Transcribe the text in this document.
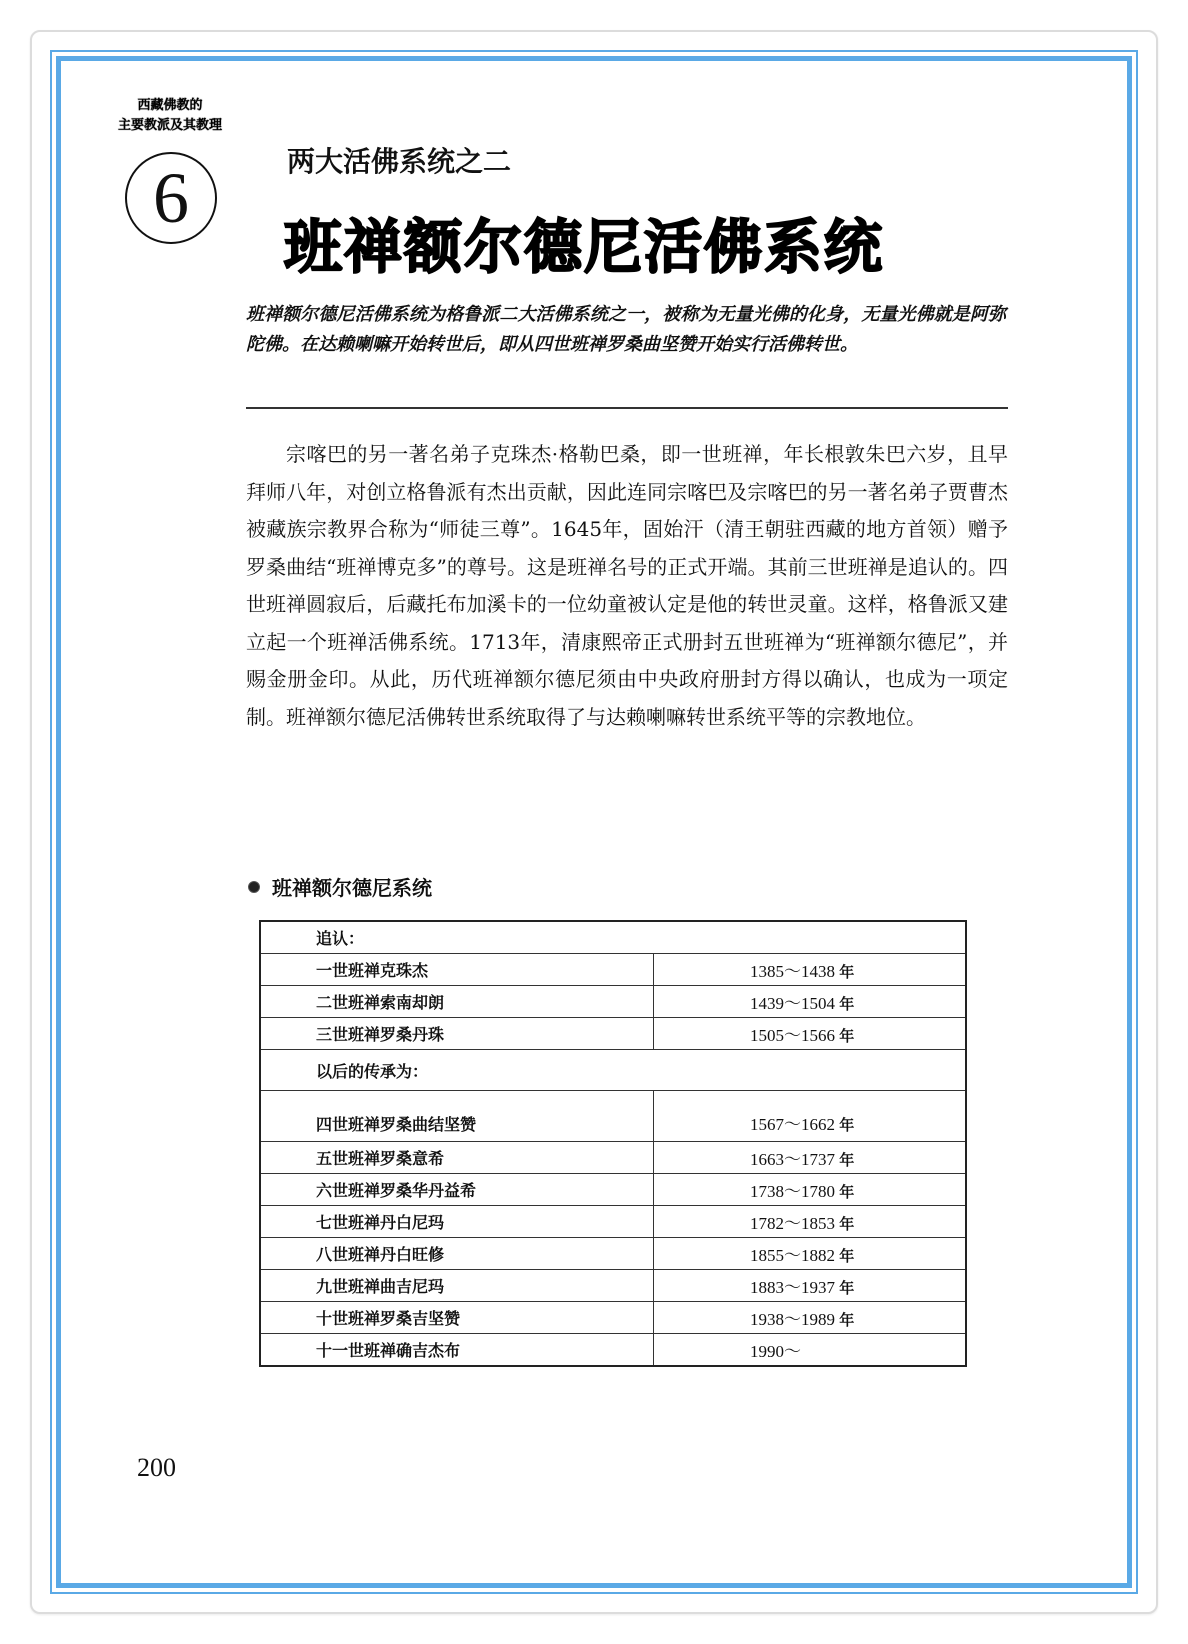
西藏佛教的
主要教派及其教理
6	两大活佛系统之二
班禅额尔德尼活佛系统
班禅额尔德尼活佛系统为格鲁派二大活佛系统之一，被称为无量光佛的化身，无量光佛就是阿弥陀佛。在达赖喇嘛开始转世后，即从四世班禅罗桑曲坚赞开始实行活佛转世。

宗喀巴的另一著名弟子克珠杰·格勒巴桑，即一世班禅，年长根敦朱巴六岁，且早拜师八年，对创立格鲁派有杰出贡献，因此连同宗喀巴及宗喀巴的另一著名弟子贾曹杰被藏族宗教界合称为“师徒三尊”。1645年，固始汗（清王朝驻西藏的地方首领）赠予罗桑曲结“班禅博克多”的尊号。这是班禅名号的正式开端。其前三世班禅是追认的。四世班禅圆寂后，后藏托布加溪卡的一位幼童被认定是他的转世灵童。这样，格鲁派又建立起一个班禅活佛系统。1713年，清康熙帝正式册封五世班禅为“班禅额尔德尼”，并赐金册金印。从此，历代班禅额尔德尼须由中央政府册封方得以确认，也成为一项定制。班禅额尔德尼活佛转世系统取得了与达赖喇嘛转世系统平等的宗教地位。

班禅额尔德尼系统
追认：	
一世班禅克珠杰	1385～1438 年
二世班禅索南却朗	1439～1504 年
三世班禅罗桑丹珠	1505～1566 年
以后的传承为：	
四世班禅罗桑曲结坚赞	1567～1662 年
五世班禅罗桑意希	1663～1737 年
六世班禅罗桑华丹益希	1738～1780 年
七世班禅丹白尼玛	1782～1853 年
八世班禅丹白旺修	1855～1882 年
九世班禅曲吉尼玛	1883～1937 年
十世班禅罗桑吉坚赞	1938～1989 年
十一世班禅确吉杰布	1990～
200
